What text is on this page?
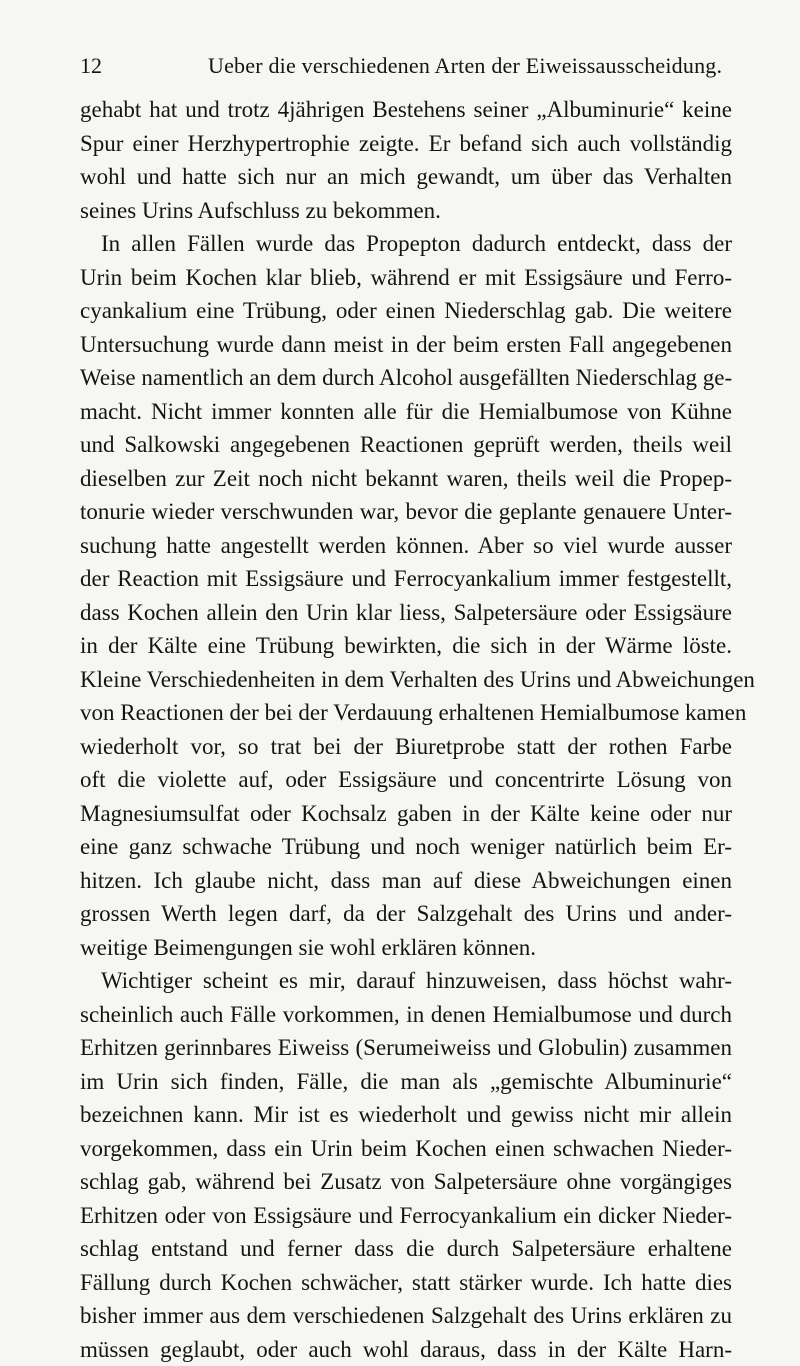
12	Ueber die verschiedenen Arten der Eiweissausscheidung.
gehabt hat und trotz 4jährigen Bestehens seiner „Albuminurie“ keine
Spur einer Herzhypertrophie zeigte. Er befand sich auch vollständig
wohl und hatte sich nur an mich gewandt, um über das Verhalten
seines Urins Aufschluss zu bekommen.
In allen Fällen wurde das Propepton dadurch entdeckt, dass der
Urin beim Kochen klar blieb, während er mit Essigsäure und Ferro-
cyankalium eine Trübung, oder einen Niederschlag gab. Die weitere
Untersuchung wurde dann meist in der beim ersten Fall angegebenen
Weise namentlich an dem durch Alcohol ausgefällten Niederschlag ge-
macht. Nicht immer konnten alle für die Hemialbumose von Kühne
und Salkowski angegebenen Reactionen geprüft werden, theils weil
dieselben zur Zeit noch nicht bekannt waren, theils weil die Propep-
tonurie wieder verschwunden war, bevor die geplante genauere Unter-
suchung hatte angestellt werden können. Aber so viel wurde ausser
der Reaction mit Essigsäure und Ferrocyankalium immer festgestellt,
dass Kochen allein den Urin klar liess, Salpetersäure oder Essigsäure
in der Kälte eine Trübung bewirkten, die sich in der Wärme löste.
Kleine Verschiedenheiten in dem Verhalten des Urins und Abweichungen
von Reactionen der bei der Verdauung erhaltenen Hemialbumose kamen
wiederholt vor, so trat bei der Biuretprobe statt der rothen Farbe
oft die violette auf, oder Essigsäure und concentrirte Lösung von
Magnesiumsulfat oder Kochsalz gaben in der Kälte keine oder nur
eine ganz schwache Trübung und noch weniger natürlich beim Er-
hitzen. Ich glaube nicht, dass man auf diese Abweichungen einen
grossen Werth legen darf, da der Salzgehalt des Urins und ander-
weitige Beimengungen sie wohl erklären können.
Wichtiger scheint es mir, darauf hinzuweisen, dass höchst wahr-
scheinlich auch Fälle vorkommen, in denen Hemialbumose und durch
Erhitzen gerinnbares Eiweiss (Serumeiweiss und Globulin) zusammen
im Urin sich finden, Fälle, die man als „gemischte Albuminurie“
bezeichnen kann. Mir ist es wiederholt und gewiss nicht mir allein
vorgekommen, dass ein Urin beim Kochen einen schwachen Nieder-
schlag gab, während bei Zusatz von Salpetersäure ohne vorgängiges
Erhitzen oder von Essigsäure und Ferrocyankalium ein dicker Nieder-
schlag entstand und ferner dass die durch Salpetersäure erhaltene
Fällung durch Kochen schwächer, statt stärker wurde. Ich hatte dies
bisher immer aus dem verschiedenen Salzgehalt des Urins erklären zu
müssen geglaubt, oder auch wohl daraus, dass in der Kälte Harn-
